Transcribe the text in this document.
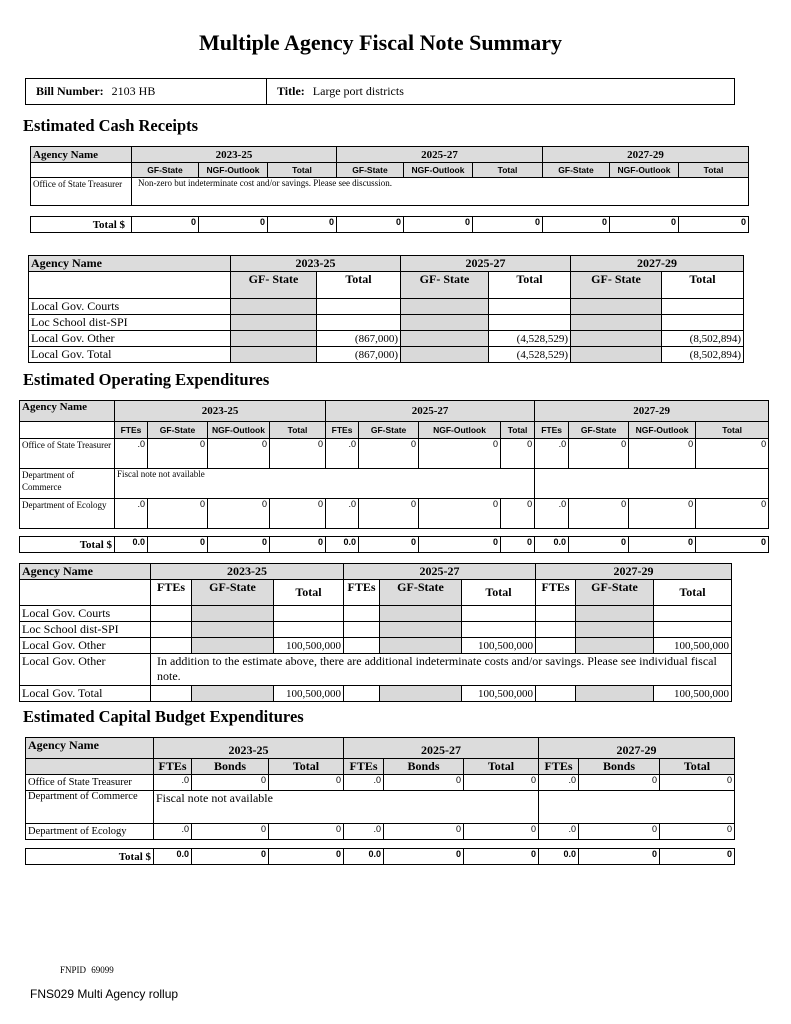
Multiple Agency Fiscal Note Summary
Bill Number: 2103 HB	Title: Large port districts
Estimated Cash Receipts
Agency Name	2023-25			2025-27			2027-29		
	GF-State	NGF-Outlook	Total	GF-State	NGF-Outlook	Total	GF-State	NGF-Outlook	Total
Office of State Treasurer	Non-zero but indeterminate cost and/or savings. Please see discussion.								
Total $	0	0	0	0	0	0	0	0	0
Agency Name	2023-25		2025-27		2027-29	
	GF- State	Total	GF- State	Total	GF- State	Total
Local Gov. Courts						
Loc School dist-SPI						
Local Gov. Other		(867,000)		(4,528,529)		(8,502,894)
Local Gov. Total		(867,000)		(4,528,529)		(8,502,894)
Estimated Operating Expenditures
Agency Name	2023-25				2025-27				2027-29			
	FTEs	GF-State	NGF-Outlook	Total	FTEs	GF-State	NGF-Outlook	Total	FTEs	GF-State	NGF-Outlook	Total
Office of State Treasurer	.0	0	0	0	.0	0	0	0	.0	0	0	0
Department of Commerce	Fiscal note not available											
Department of Ecology	.0	0	0	0	.0	0	0	0	.0	0	0	0
Total $	0.0	0	0	0	0.0	0	0	0	0.0	0	0	0
Agency Name	2023-25			2025-27			2027-29		
	FTEs	GF-State	Total	FTEs	GF-State	Total	FTEs	GF-State	Total
Local Gov. Courts									
Loc School dist-SPI									
Local Gov. Other			100,500,000			100,500,000			100,500,000
Local Gov. Other	In addition to the estimate above, there are additional indeterminate costs and/or savings. Please see individual fiscal note.								
Local Gov. Total			100,500,000			100,500,000			100,500,000
Estimated Capital Budget Expenditures
Agency Name	2023-25			2025-27			2027-29		
	FTEs	Bonds	Total	FTEs	Bonds	Total	FTEs	Bonds	Total
Office of State Treasurer	.0	0	0	.0	0	0	.0	0	0
Department of Commerce	Fiscal note not available								
Department of Ecology	.0	0	0	.0	0	0	.0	0	0
Total $	0.0	0	0	0.0	0	0	0.0	0	0
FNPID 69099
FNS029 Multi Agency rollup
